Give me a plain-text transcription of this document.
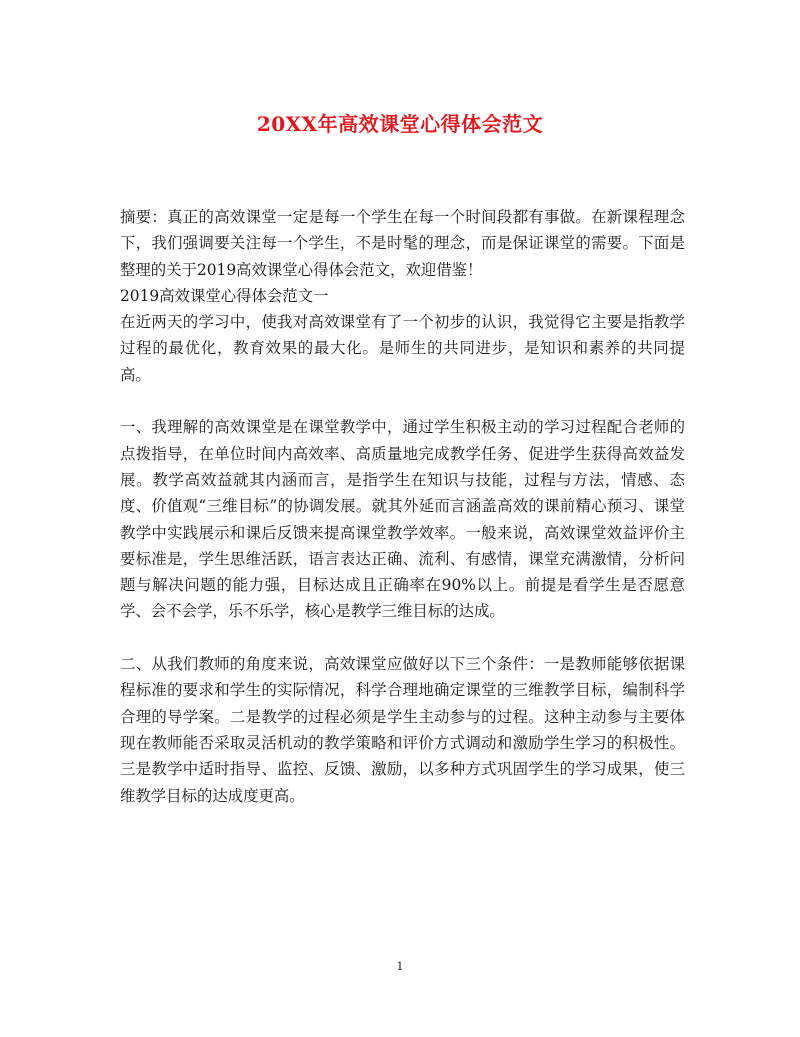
20XX年高效课堂心得体会范文

摘要：真正的高效课堂一定是每一个学生在每一个时间段都有事做。在新课程理念下，我们强调要关注每一个学生，不是时髦的理念，而是保证课堂的需要。下面是整理的关于2019高效课堂心得体会范文，欢迎借鉴！

2019高效课堂心得体会范文一

在近两天的学习中，使我对高效课堂有了一个初步的认识，我觉得它主要是指教学过程的最优化，教育效果的最大化。是师生的共同进步，是知识和素养的共同提高。

一、我理解的高效课堂是在课堂教学中，通过学生积极主动的学习过程配合老师的点拨指导，在单位时间内高效率、高质量地完成教学任务、促进学生获得高效益发展。教学高效益就其内涵而言，是指学生在知识与技能，过程与方法，情感、态度、价值观“三维目标”的协调发展。就其外延而言涵盖高效的课前精心预习、课堂教学中实践展示和课后反馈来提高课堂教学效率。一般来说，高效课堂效益评价主要标准是，学生思维活跃，语言表达正确、流利、有感情，课堂充满激情，分析问题与解决问题的能力强，目标达成且正确率在90%以上。前提是看学生是否愿意学、会不会学，乐不乐学，核心是教学三维目标的达成。

二、从我们教师的角度来说，高效课堂应做好以下三个条件：一是教师能够依据课程标准的要求和学生的实际情况，科学合理地确定课堂的三维教学目标，编制科学合理的导学案。二是教学的过程必须是学生主动参与的过程。这种主动参与主要体现在教师能否采取灵活机动的教学策略和评价方式调动和激励学生学习的积极性。三是教学中适时指导、监控、反馈、激励，以多种方式巩固学生的学习成果，使三维教学目标的达成度更高。

1
